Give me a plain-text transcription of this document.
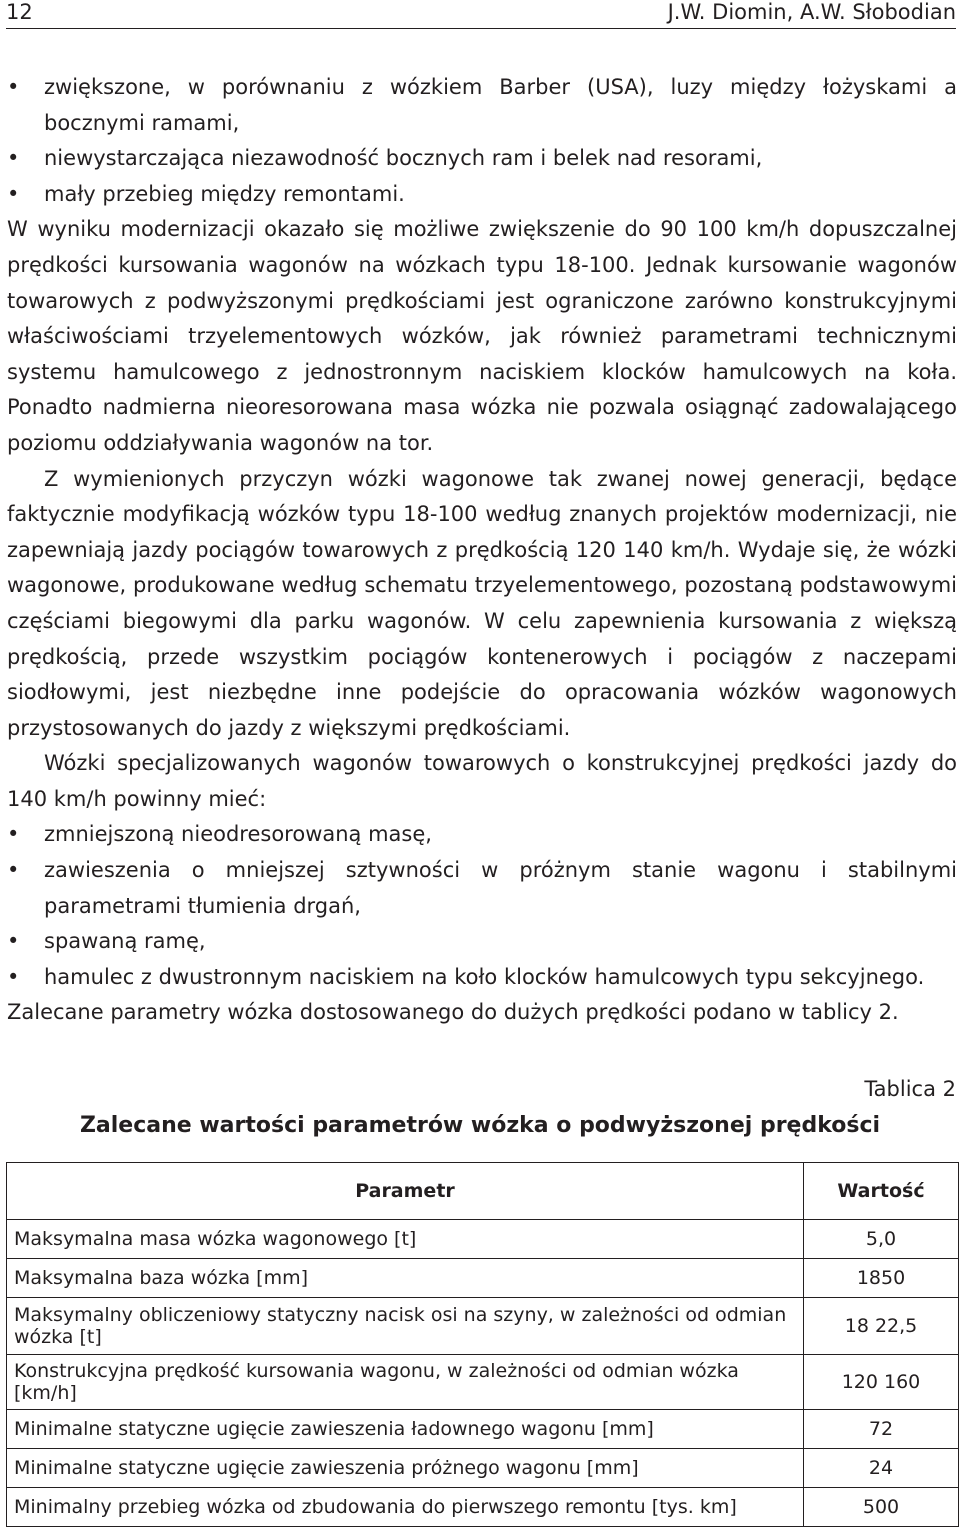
12	J.W. Diomin, A.W. Słobodian
• zwiększone, w porównaniu z wózkiem Barber (USA), luzy między łożyskami a bocznymi ramami,
• niewystarczająca niezawodność bocznych ram i belek nad resorami,
• mały przebieg między remontami.

W wyniku modernizacji okazało się możliwe zwiększenie do 90 100 km/h dopuszczalnej prędkości kursowania wagonów na wózkach typu 18-100. Jednak kursowanie wagonów towarowych z podwyższonymi prędkościami jest ograniczone zarówno konstrukcyjnymi właściwościami trzyelementowych wózków, jak również parametrami technicznymi systemu hamulcowego z jednostronnym naciskiem klocków hamulcowych na koła. Ponadto nadmierna nieoresorowana masa wózka nie pozwala osiągnąć zadowalającego poziomu oddziaływania wagonów na tor.

Z wymienionych przyczyn wózki wagonowe tak zwanej nowej generacji, będące faktycznie modyfikacją wózków typu 18-100 według znanych projektów modernizacji, nie zapewniają jazdy pociągów towarowych z prędkością 120 140 km/h. Wydaje się, że wózki wagonowe, produkowane według schematu trzyelementowego, pozostaną podstawowymi częściami biegowymi dla parku wagonów. W celu zapewnienia kursowania z większą prędkością, przede wszystkim pociągów kontenerowych i pociągów z naczepami siodłowymi, jest niezbędne inne podejście do opracowania wózków wagonowych przystosowanych do jazdy z większymi prędkościami.

Wózki specjalizowanych wagonów towarowych o konstrukcyjnej prędkości jazdy do 140 km/h powinny mieć:

• zmniejszoną nieodresorowaną masę,
• zawieszenia o mniejszej sztywności w próżnym stanie wagonu i stabilnymi parametrami tłumienia drgań,
• spawaną ramę,
• hamulec z dwustronnym naciskiem na koło klocków hamulcowych typu sekcyjnego.

Zalecane parametry wózka dostosowanego do dużych prędkości podano w tablicy 2.

Tablica 2
Zalecane wartości parametrów wózka o podwyższonej prędkości
Parametr	Wartość
Maksymalna masa wózka wagonowego [t]	5,0
Maksymalna baza wózka [mm]	1850
Maksymalny obliczeniowy statyczny nacisk osi na szyny, w zależności od odmian wózka [t]	18 22,5
Konstrukcyjna prędkość kursowania wagonu, w zależności od odmian wózka [km/h]	120 160
Minimalne statyczne ugięcie zawieszenia ładownego wagonu [mm]	72
Minimalne statyczne ugięcie zawieszenia próżnego wagonu [mm]	24
Minimalny przebieg wózka od zbudowania do pierwszego remontu [tys. km]	500
